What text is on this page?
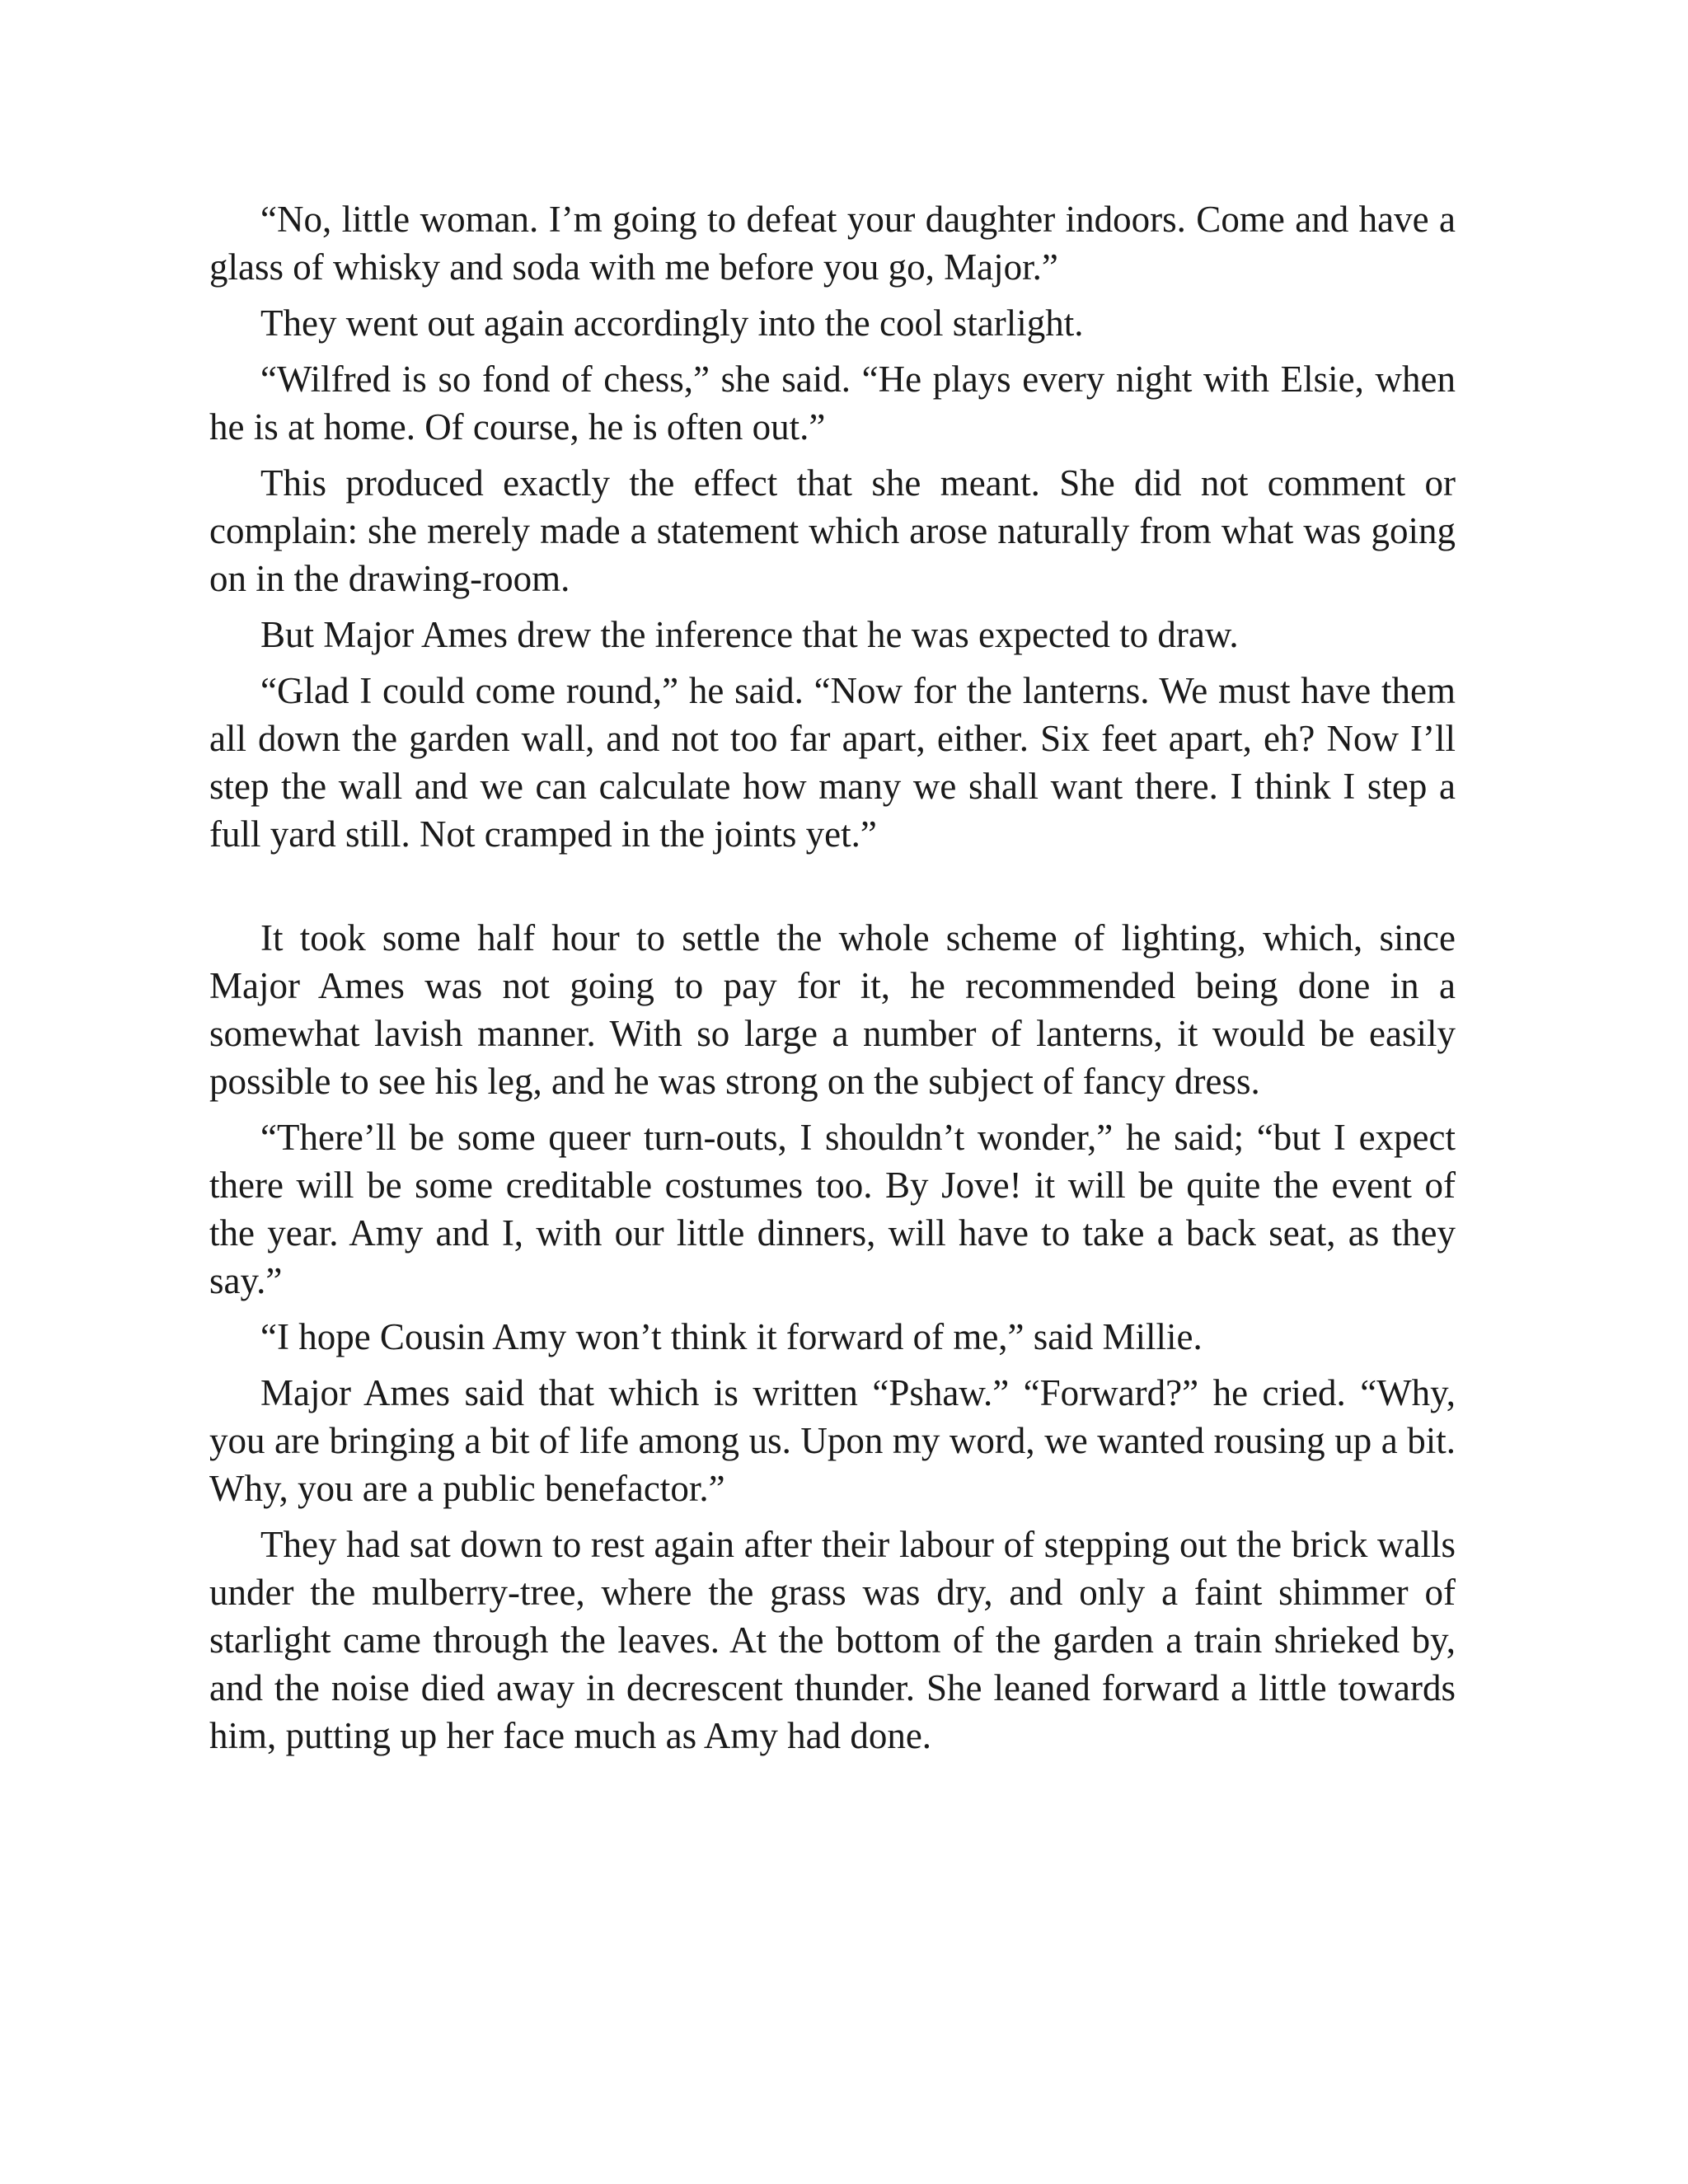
“No, little woman. I’m going to defeat your daughter indoors. Come and have a glass of whisky and soda with me before you go, Major.”

They went out again accordingly into the cool starlight.

“Wilfred is so fond of chess,” she said. “He plays every night with Elsie, when he is at home. Of course, he is often out.”

This produced exactly the effect that she meant. She did not comment or complain: she merely made a statement which arose naturally from what was going on in the drawing-room.

But Major Ames drew the inference that he was expected to draw.

“Glad I could come round,” he said. “Now for the lanterns. We must have them all down the garden wall, and not too far apart, either. Six feet apart, eh? Now I’ll step the wall and we can calculate how many we shall want there. I think I step a full yard still. Not cramped in the joints yet.”

It took some half hour to settle the whole scheme of lighting, which, since Major Ames was not going to pay for it, he recommended being done in a somewhat lavish manner. With so large a number of lanterns, it would be easily possible to see his leg, and he was strong on the subject of fancy dress.

“There’ll be some queer turn-outs, I shouldn’t wonder,” he said; “but I expect there will be some creditable costumes too. By Jove! it will be quite the event of the year. Amy and I, with our little dinners, will have to take a back seat, as they say.”

“I hope Cousin Amy won’t think it forward of me,” said Millie.

Major Ames said that which is written “Pshaw.” “Forward?” he cried. “Why, you are bringing a bit of life among us. Upon my word, we wanted rousing up a bit. Why, you are a public benefactor.”

They had sat down to rest again after their labour of stepping out the brick walls under the mulberry-tree, where the grass was dry, and only a faint shimmer of starlight came through the leaves. At the bottom of the garden a train shrieked by, and the noise died away in decrescent thunder. She leaned forward a little towards him, putting up her face much as Amy had done.
